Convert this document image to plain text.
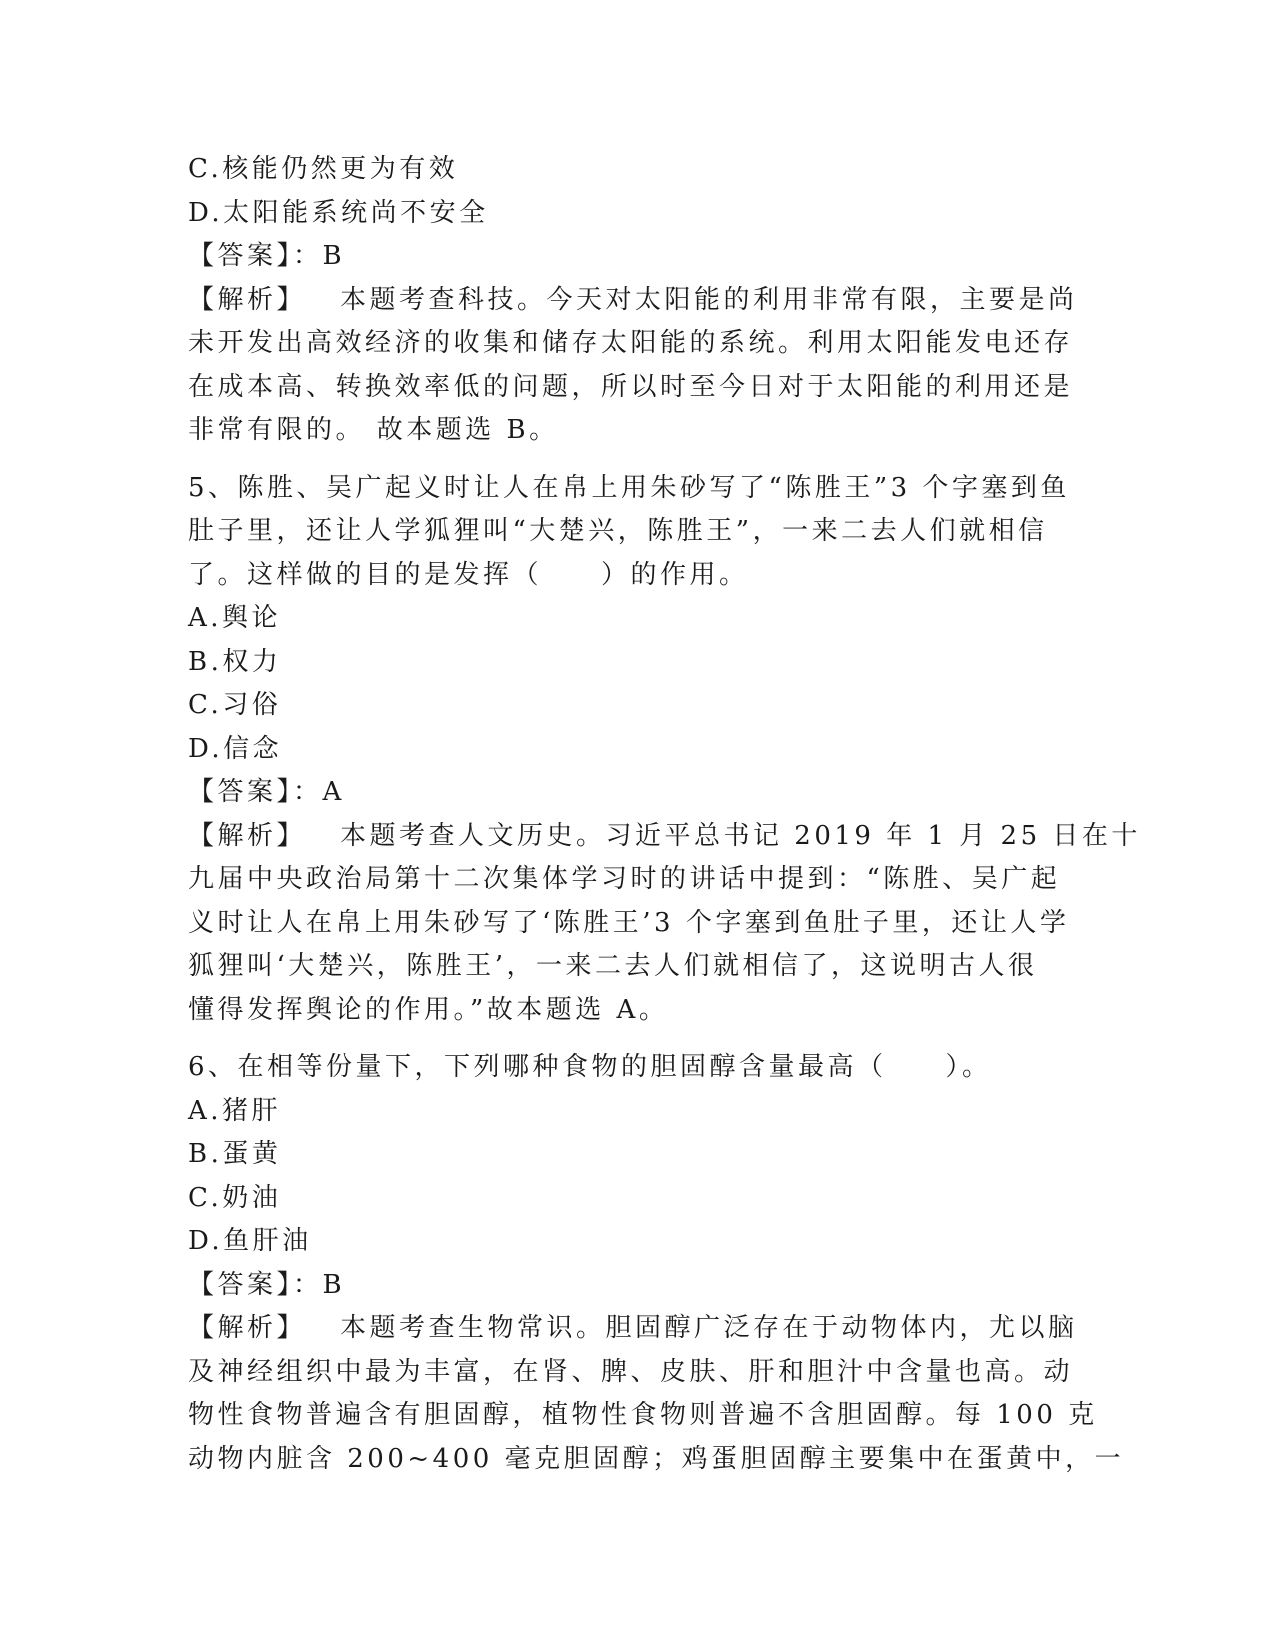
C.核能仍然更为有效
D.太阳能系统尚不安全
【答案】：B
【解析】 本题考查科技。今天对太阳能的利用非常有限，主要是尚
未开发出高效经济的收集和储存太阳能的系统。利用太阳能发电还存
在成本高、转换效率低的问题，所以时至今日对于太阳能的利用还是
非常有限的。 故本题选 B。
5、陈胜、吴广起义时让人在帛上用朱砂写了“陈胜王”3 个字塞到鱼
肚子里，还让人学狐狸叫“大楚兴，陈胜王”，一来二去人们就相信
了。这样做的目的是发挥（　　）的作用。
A.舆论
B.权力
C.习俗
D.信念
【答案】：A
【解析】 本题考查人文历史。习近平总书记 2019 年 1 月 25 日在十
九届中央政治局第十二次集体学习时的讲话中提到：“陈胜、吴广起
义时让人在帛上用朱砂写了‘陈胜王’3 个字塞到鱼肚子里，还让人学
狐狸叫‘大楚兴，陈胜王’，一来二去人们就相信了，这说明古人很
懂得发挥舆论的作用。”故本题选 A。
6、在相等份量下，下列哪种食物的胆固醇含量最高（　　）。
A.猪肝
B.蛋黄
C.奶油
D.鱼肝油
【答案】：B
【解析】 本题考查生物常识。胆固醇广泛存在于动物体内，尤以脑
及神经组织中最为丰富，在肾、脾、皮肤、肝和胆汁中含量也高。动
物性食物普遍含有胆固醇，植物性食物则普遍不含胆固醇。每 100 克
动物内脏含 200~400 毫克胆固醇；鸡蛋胆固醇主要集中在蛋黄中，一
